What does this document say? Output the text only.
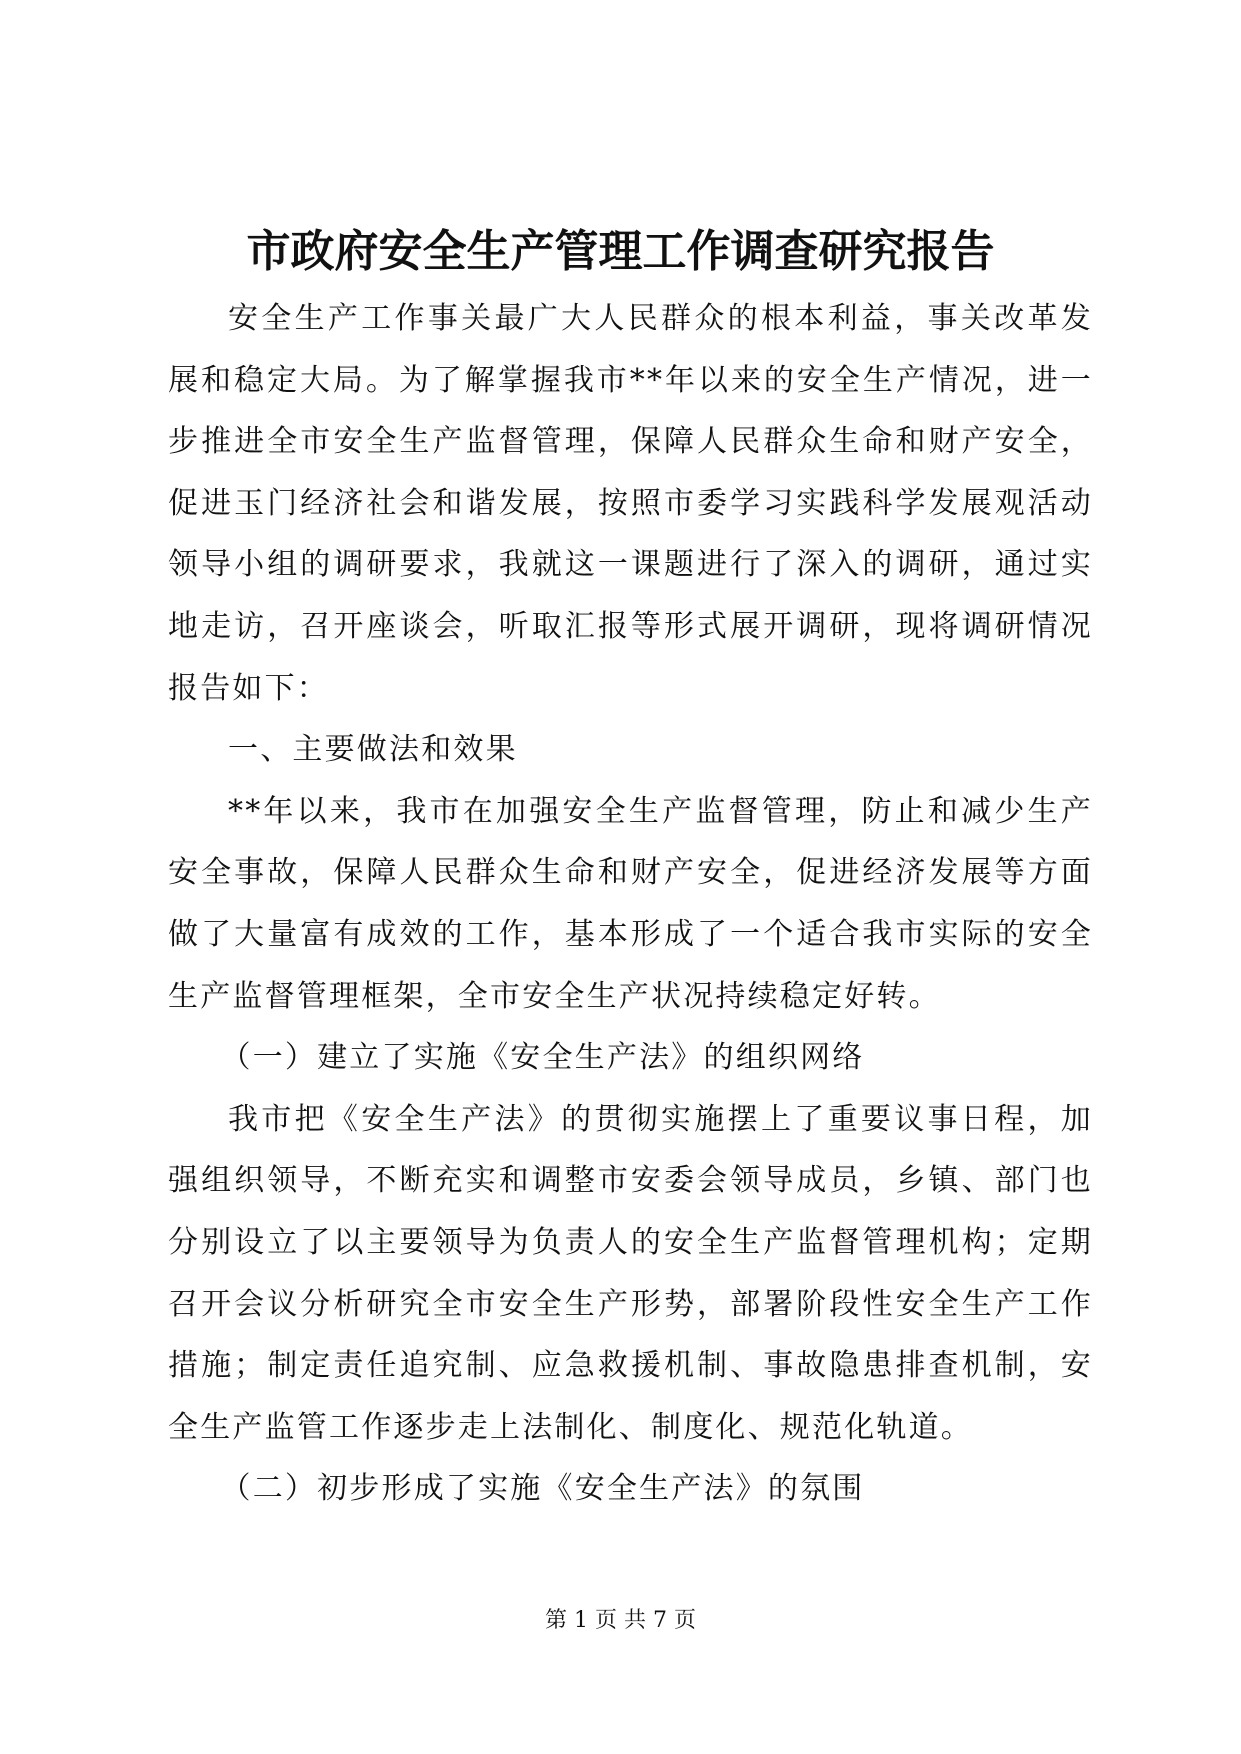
市政府安全生产管理工作调查研究报告

安全生产工作事关最广大人民群众的根本利益，事关改革发展和稳定大局。为了解掌握我市**年以来的安全生产情况，进一步推进全市安全生产监督管理，保障人民群众生命和财产安全，促进玉门经济社会和谐发展，按照市委学习实践科学发展观活动领导小组的调研要求，我就这一课题进行了深入的调研，通过实地走访，召开座谈会，听取汇报等形式展开调研，现将调研情况报告如下：

一、主要做法和效果

**年以来，我市在加强安全生产监督管理，防止和减少生产安全事故，保障人民群众生命和财产安全，促进经济发展等方面做了大量富有成效的工作，基本形成了一个适合我市实际的安全生产监督管理框架，全市安全生产状况持续稳定好转。

（一）建立了实施《安全生产法》的组织网络

我市把《安全生产法》的贯彻实施摆上了重要议事日程，加强组织领导，不断充实和调整市安委会领导成员，乡镇、部门也分别设立了以主要领导为负责人的安全生产监督管理机构；定期召开会议分析研究全市安全生产形势，部署阶段性安全生产工作措施；制定责任追究制、应急救援机制、事故隐患排查机制，安全生产监管工作逐步走上法制化、制度化、规范化轨道。

（二）初步形成了实施《安全生产法》的氛围

第 1 页 共 7 页
